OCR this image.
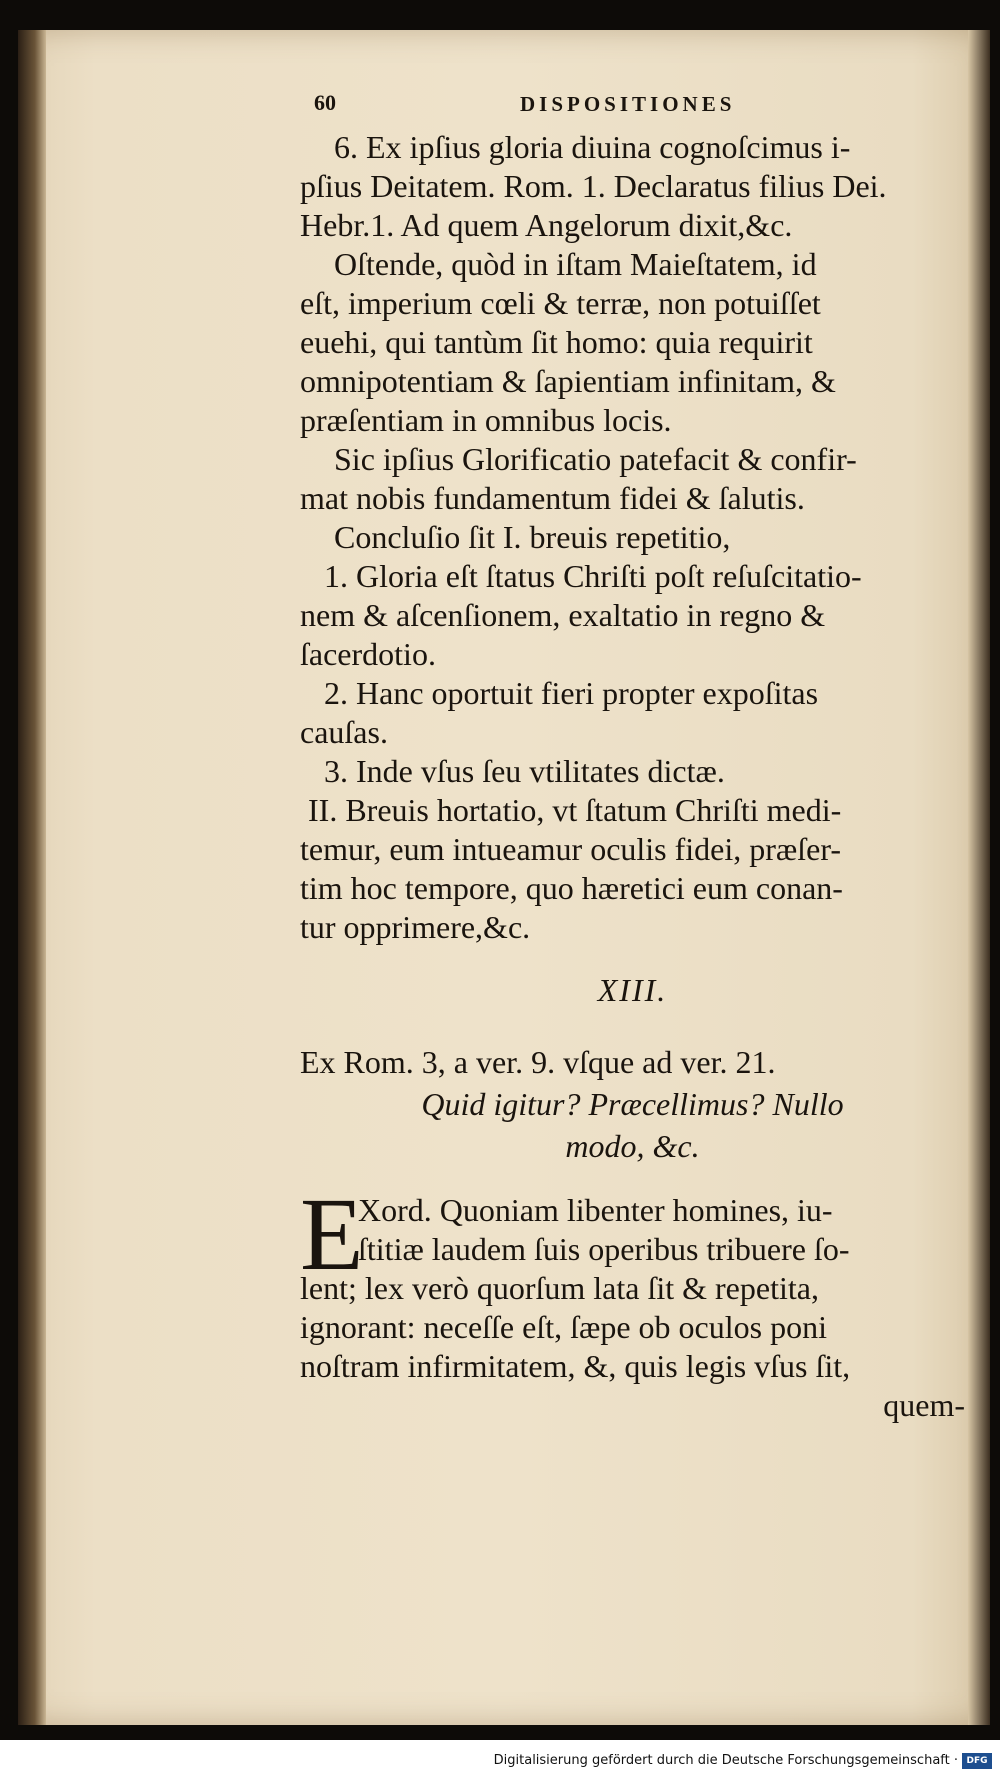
60	DISPOSITIONES
6. Ex ipſius gloria diuina cognoſcimus i-
pſius Deitatem. Rom. 1. Declaratus filius Dei.
Hebr.1. Ad quem Angelorum dixit,&c.
Oſtende, quòd in iſtam Maieſtatem, id
eſt, imperium cœli & terræ, non potuiſſet
euehi, qui tantùm ſit homo: quia requirit
omnipotentiam & ſapientiam infinitam, &
præſentiam in omnibus locis.
Sic ipſius Glorificatio patefacit & confir-
mat nobis fundamentum fidei & ſalutis.
Concluſio ſit I. breuis repetitio,
1. Gloria eſt ſtatus Chriſti poſt reſuſcitatio-
nem & aſcenſionem, exaltatio in regno &
ſacerdotio.
2. Hanc oportuit fieri propter expoſitas
cauſas.
3. Inde vſus ſeu vtilitates dictæ.
II. Breuis hortatio, vt ſtatum Chriſti medi-
temur, eum intueamur oculis fidei, præſer-
tim hoc tempore, quo hæretici eum conan-
tur opprimere,&c.
XIII.
Ex Rom. 3, a ver. 9. vſque ad ver. 21.
Quid igitur? Præcellimus? Nullo
modo, &c.
E
Xord. Quoniam libenter homines, iu-
ſtitiæ laudem ſuis operibus tribuere ſo-
lent; lex verò quorſum lata ſit & repetita,
ignorant: neceſſe eſt, ſæpe ob oculos poni
noſtram infirmitatem, &, quis legis vſus ſit,
quem-
Digitalisierung gefördert durch die Deutsche Forschungsgemeinschaft · DFG
